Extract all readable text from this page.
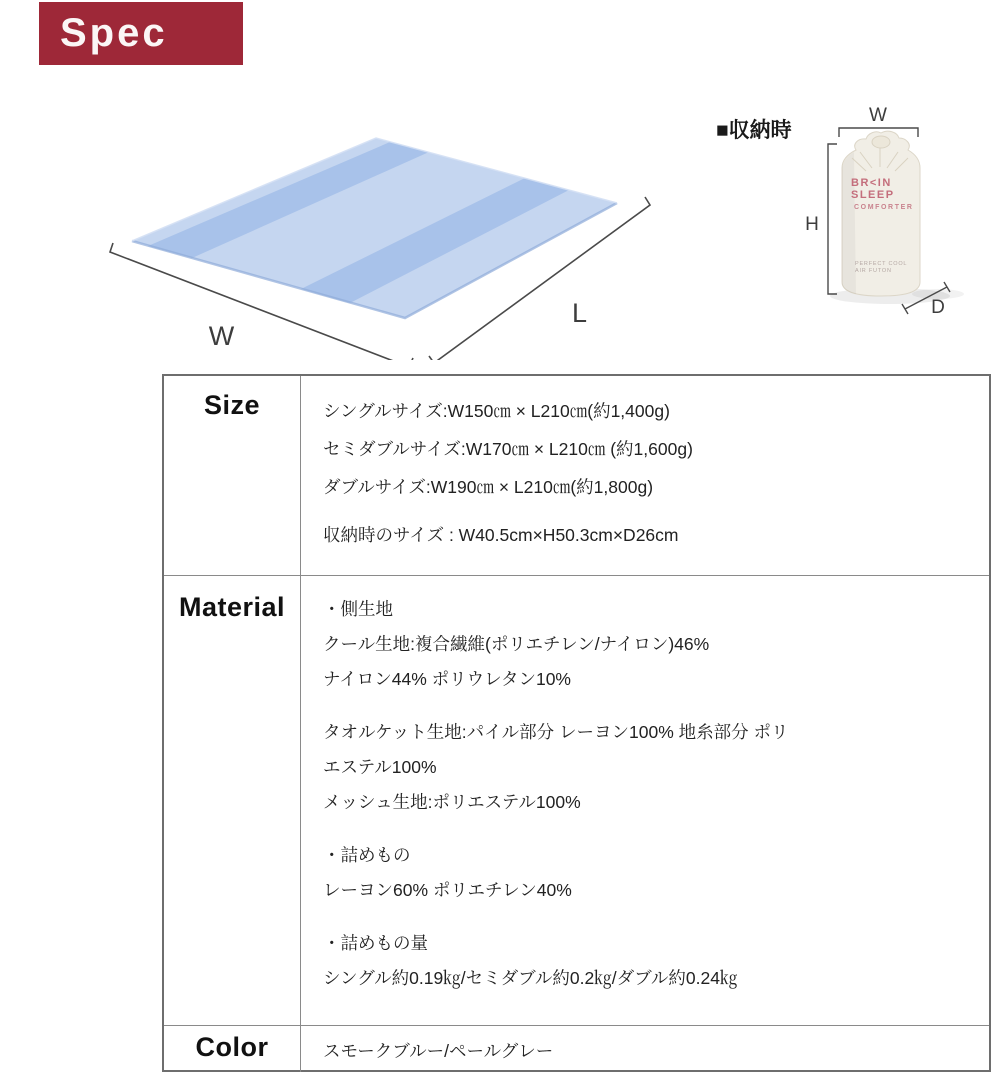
Spec
W
L
■収納時
BR<IN
SLEEP
COMFORTER
PERFECT COOL
AIR FUTON
W
H
D
Size	シングルサイズ:W150㎝ × L210㎝(約1,400g)
セミダブルサイズ:W170㎝ × L210㎝ (約1,600g)
ダブルサイズ:W190㎝ × L210㎝(約1,800g)
収納時のサイズ : W40.5cm×H50.3cm×D26cm
Material ・側生地
クール生地:複合繊維(ポリエチレン/ナイロン)46%
ナイロン44% ポリウレタン10%
タオルケット生地:パイル部分 レーヨン100% 地糸部分 ポリ
エステル100%
メッシュ生地:ポリエステル100%
・詰めもの
レーヨン60% ポリエチレン40%
・詰めもの量
シングル約0.19㎏/セミダブル約0.2㎏/ダブル約0.24㎏
Color	スモークブルー/ペールグレー
